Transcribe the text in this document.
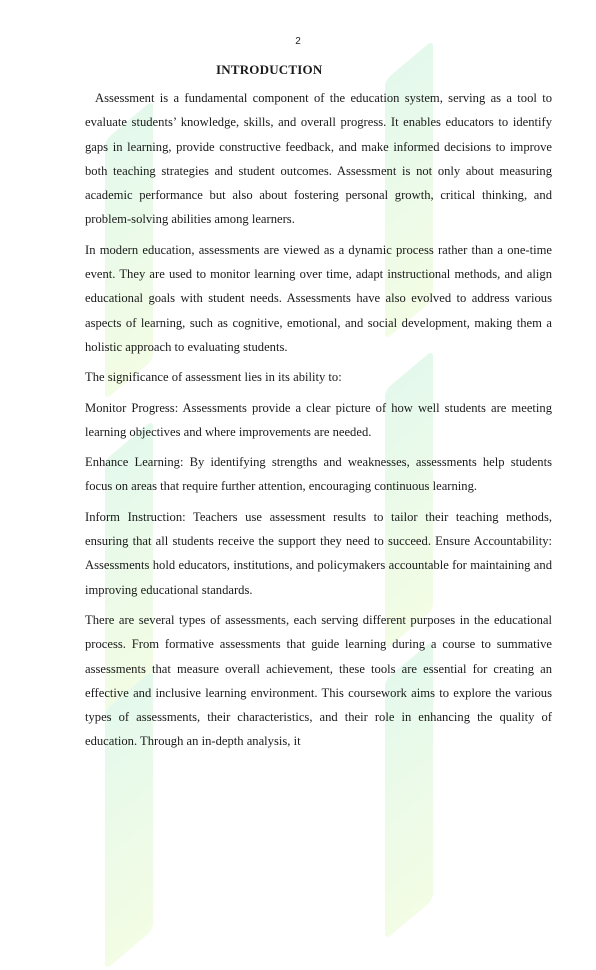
2
INTRODUCTION

Assessment is a fundamental component of the education system, serving as a tool to evaluate students’ knowledge, skills, and overall progress. It enables educators to identify gaps in learning, provide constructive feedback, and make informed decisions to improve both teaching strategies and student outcomes. Assessment is not only about measuring academic performance but also about fostering personal growth, critical thinking, and problem-solving abilities among learners.

In modern education, assessments are viewed as a dynamic process rather than a one-time event. They are used to monitor learning over time, adapt instructional methods, and align educational goals with student needs. Assessments have also evolved to address various aspects of learning, such as cognitive, emotional, and social development, making them a holistic approach to evaluating students.

The significance of assessment lies in its ability to:

Monitor Progress: Assessments provide a clear picture of how well students are meeting learning objectives and where improvements are needed.

Enhance Learning: By identifying strengths and weaknesses, assessments help students focus on areas that require further attention, encouraging continuous learning.

Inform Instruction: Teachers use assessment results to tailor their teaching methods, ensuring that all students receive the support they need to succeed. Ensure Accountability: Assessments hold educators, institutions, and policymakers accountable for maintaining and improving educational standards.

There are several types of assessments, each serving different purposes in the educational process. From formative assessments that guide learning during a course to summative assessments that measure overall achievement, these tools are essential for creating an effective and inclusive learning environment. This coursework aims to explore the various types of assessments, their characteristics, and their role in enhancing the quality of education. Through an in-depth analysis, it
